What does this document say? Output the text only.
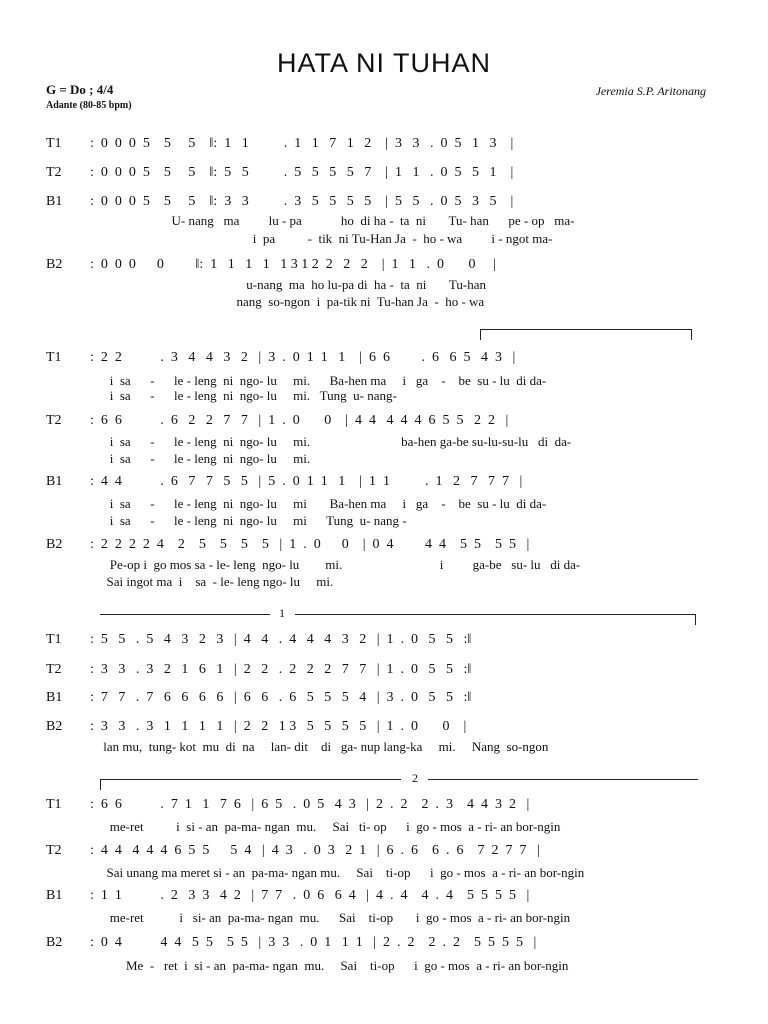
HATA NI TUHAN
G = Do ; 4/4
Adante (80-85 bpm)
Jeremia S.P. Aritonang
T1 :  0  0  0  5    5     5    ‖:  1   1          .  1   1   7   1   2    |  3   3   .  0  5   1   3    |
T2 :  0  0  0  5    5     5    ‖:  5   5          .  5   5   5   5   7    |  1   1   .  0  5   5   1    |
B1 :  0  0  0  5    5     5    ‖:  3   3          .  3   5   5   5   5    |  5   5   .  0  5   3   5    |
U- nang   ma         lu - pa            ho  di ha -  ta  ni       Tu- han      pe - op   ma-
i  pa          -  tik  ni Tu-Han Ja  -  ho - wa         i - ngot ma-
B2 :  0  0  0      0         ‖:  1   1   1   1   1 3 1 2  2   2   2    |  1   1   .  0       0     |
u-nang  ma  ho lu-pa di  ha -  ta  ni       Tu-han
nang  so-ngon  i  pa-tik ni  Tu-han Ja  -  ho - wa
T1 :  2  2           .  3   4   4   3   2   |  3  .  0  1  1   1    |  6  6         .  6   6  5   4  3   |
i  sa      -      le - leng  ni  ngo- lu     mi.      Ba-hen ma     i   ga    -    be  su - lu  di da-
i  sa      -      le - leng  ni  ngo- lu     mi.   Tung  u- nang-
T2 :  6  6           .  6   2   2   7   7   |  1  .  0       0    |  4  4   4  4  4  6  5  5   2  2   |
i  sa      -      le - leng  ni  ngo- lu     mi.                            ba-hen ga-be su-lu-su-lu   di  da-
i  sa      -      le - leng  ni  ngo- lu     mi.
B1 :  4  4           .  6   7   7   5   5   |  5  .  0  1  1   1    |  1  1          .  1   2   7   7  7   |
i  sa      -      le - leng  ni  ngo- lu     mi       Ba-hen ma     i   ga    -    be  su - lu  di da-
i  sa      -      le - leng  ni  ngo- lu     mi      Tung  u- nang -
B2 :  2  2  2  2  4    2    5    5    5    5   |  1  .  0      0    |  0  4         4  4    5  5    5  5   |
Pe-op i  go mos sa - le- leng  ngo- lu        mi.                              i         ga-be   su- lu   di da-
Sai ingot ma  i    sa  - le- leng ngo- lu     mi.
1
T1 :  5   5   .  5   4   3   2   3   |  4   4   .  4   4   4   3   2   |  1  .  0   5   5   :‖
T2 :  3   3   .  3   2   1   6   1   |  2   2   .  2   2   2   7   7   |  1  .  0   5   5   :‖
B1 :  7   7   .  7   6   6   6   6   |  6   6   .  6   5   5   5   4   |  3  .  0   5   5   :‖
B2 :  3   3   .  3   1   1   1   1   |  2   2   1 3   5   5   5   5   |  1  .  0       0    |
lan mu,  tung- kot  mu  di  na     lan- dit    di   ga- nup lang-ka     mi.     Nang  so-ngon
2
T1 :  6  6           .  7  1   1   7  6   |  6  5   .  0  5   4  3   |  2  .  2    2  .  3    4  4  3  2   |
me-ret          i  si - an  pa-ma- ngan  mu.     Sai   ti- op      i  go - mos  a - ri- an bor-ngin
T2 :  4  4   4  4  4  6  5  5      5  4   |  4  3   .  0  3   2  1   |  6  .  6    6  .  6    7  2  7  7   |
Sai unang ma meret si - an  pa-ma- ngan mu.     Sai    ti-op      i  go - mos  a - ri- an bor-ngin
B1 :  1  1           .  2   3  3   4  2   |  7  7   .  0  6   6  4   |  4  .  4    4  .  4    5  5  5  5   |
me-ret           i   si- an  pa-ma- ngan  mu.      Sai    ti-op       i  go - mos  a - ri- an bor-ngin
B2 :  0  4           4  4   5  5    5  5   |  3  3   .  0  1   1  1   |  2  .  2    2  .  2    5  5  5  5   |
Me  -   ret  i  si - an  pa-ma- ngan  mu.     Sai    ti-op      i  go - mos  a - ri- an bor-ngin
